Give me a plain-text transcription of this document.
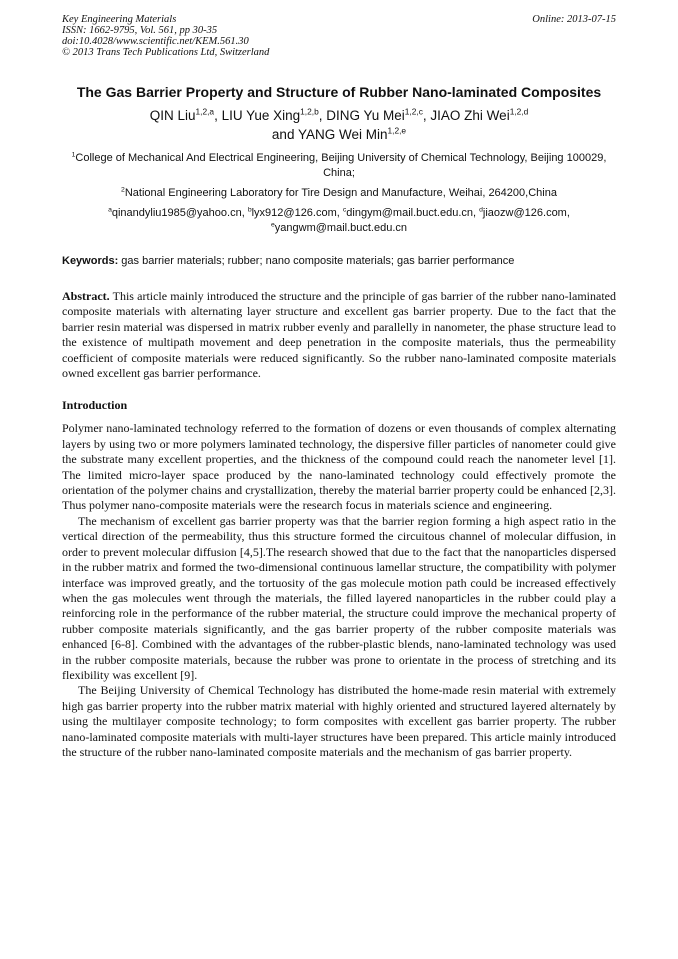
Key Engineering Materials
ISSN: 1662-9795, Vol. 561, pp 30-35
doi:10.4028/www.scientific.net/KEM.561.30
© 2013 Trans Tech Publications Ltd, Switzerland
Online: 2013-07-15
The Gas Barrier Property and Structure of Rubber Nano-laminated Composites
QIN Liu$^{1,2,a}$, LIU Yue Xing$^{1,2,b}$, DING Yu Mei$^{1,2,c}$, JIAO Zhi Wei$^{1,2,d}$
and YANG Wei Min$^{1,2,e}$
$^1$College of Mechanical And Electrical Engineering, Beijing University of Chemical Technology, Beijing 100029, China;
$^2$National Engineering Laboratory for Tire Design and Manufacture, Weihai, 264200,China
$^a$qinandyliu1985@yahoo.cn, $^b$lyx912@126.com, $^c$dingym@mail.buct.edu.cn, $^d$jiaozw@126.com,
$^e$yangwm@mail.buct.edu.cn
Keywords: gas barrier materials; rubber; nano composite materials; gas barrier performance
Abstract. This article mainly introduced the structure and the principle of gas barrier of the rubber nano-laminated composite materials with alternating layer structure and excellent gas barrier property. Due to the fact that the barrier resin material was dispersed in matrix rubber evenly and parallelly in nanometer, the phase structure lead to the existence of multipath movement and deep penetration in the composite materials, thus the permeability coefficient of composite materials were reduced significantly. So the rubber nano-laminated composite materials owned excellent gas barrier performance.
Introduction
Polymer nano-laminated technology referred to the formation of dozens or even thousands of complex alternating layers by using two or more polymers laminated technology, the dispersive filler particles of nanometer could give the substrate many excellent properties, and the thickness of the compound could reach the nanometer level [1]. The limited micro-layer space produced by the nano-laminated technology could effectively promote the orientation of the polymer chains and crystallization, thereby the material barrier property could be enhanced [2,3]. Thus polymer nano-composite materials were the research focus in materials science and engineering.
The mechanism of excellent gas barrier property was that the barrier region forming a high aspect ratio in the vertical direction of the permeability, thus this structure formed the circuitous channel of molecular diffusion, in order to prevent molecular diffusion [4,5].The research showed that due to the fact that the nanoparticles dispersed in the rubber matrix and formed the two-dimensional continuous lamellar structure, the compatibility with polymer interface was improved greatly, and the tortuosity of the gas molecule motion path could be increased effectively when the gas molecules went through the materials, the filled layered nanoparticles in the rubber could play a reinforcing role in the performance of the rubber material, the structure could improve the mechanical property of rubber composite materials significantly, and the gas barrier property of the rubber composite materials was enhanced [6-8]. Combined with the advantages of the rubber-plastic blends, nano-laminated technology was used in the rubber composite materials, because the rubber was prone to orientate in the process of stretching and its flexibility was excellent [9].
The Beijing University of Chemical Technology has distributed the home-made resin material with extremely high gas barrier property into the rubber matrix material with highly oriented and structured layered alternately by using the multilayer composite technology; to form composites with excellent gas barrier property. The rubber nano-laminated composite materials with multi-layer structures have been prepared. This article mainly introduced the structure of the rubber nano-laminated composite materials and the mechanism of gas barrier property.
